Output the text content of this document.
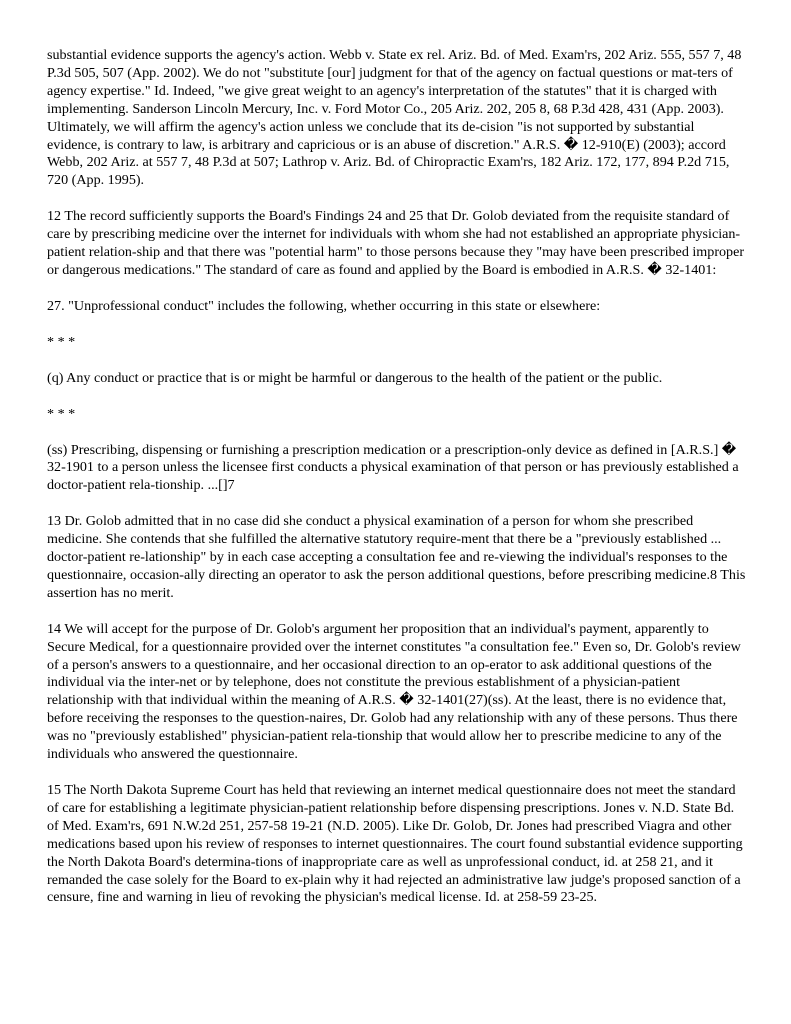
substantial evidence supports the agency's action. Webb v. State ex rel. Ariz. Bd. of Med. Exam'rs, 202 Ariz. 555, 557 7, 48 P.3d 505, 507 (App. 2002). We do not "substitute [our] judgment for that of the agency on factual questions or mat-ters of agency expertise." Id. Indeed, "we give great weight to an agency's interpretation of the statutes" that it is charged with implementing. Sanderson Lincoln Mercury, Inc. v. Ford Motor Co., 205 Ariz. 202, 205 8, 68 P.3d 428, 431 (App. 2003). Ultimately, we will affirm the agency's action unless we conclude that its de-cision "is not supported by substantial evidence, is contrary to law, is arbitrary and capricious or is an abuse of discretion." A.R.S. � 12-910(E) (2003); accord Webb, 202 Ariz. at 557 7, 48 P.3d at 507; Lathrop v. Ariz. Bd. of Chiropractic Exam'rs, 182 Ariz. 172, 177, 894 P.2d 715, 720 (App. 1995).

12 The record sufficiently supports the Board's Findings 24 and 25 that Dr. Golob deviated from the requisite standard of care by prescribing medicine over the internet for individuals with whom she had not established an appropriate physician-patient relation-ship and that there was "potential harm" to those persons because they "may have been prescribed improper or dangerous medications." The standard of care as found and applied by the Board is embodied in A.R.S. � 32-1401:

27. "Unprofessional conduct" includes the following, whether occurring in this state or elsewhere:

* * *

(q) Any conduct or practice that is or might be harmful or dangerous to the health of the patient or the public.

* * *

(ss) Prescribing, dispensing or furnishing a prescription medication or a prescription-only device as defined in [A.R.S.] � 32-1901 to a person unless the licensee first conducts a physical examination of that person or has previously established a doctor-patient rela-tionship. ...[]7

13 Dr. Golob admitted that in no case did she conduct a physical examination of a person for whom she prescribed medicine. She contends that she fulfilled the alternative statutory require-ment that there be a "previously established ... doctor-patient re-lationship" by in each case accepting a consultation fee and re-viewing the individual's responses to the questionnaire, occasion-ally directing an operator to ask the person additional questions, before prescribing medicine.8 This assertion has no merit.

14 We will accept for the purpose of Dr. Golob's argument her proposition that an individual's payment, apparently to Secure Medical, for a questionnaire provided over the internet constitutes "a consultation fee." Even so, Dr. Golob's review of a person's answers to a questionnaire, and her occasional direction to an op-erator to ask additional questions of the individual via the inter-net or by telephone, does not constitute the previous establishment of a physician-patient relationship with that individual within the meaning of A.R.S. � 32-1401(27)(ss). At the least, there is no evidence that, before receiving the responses to the question-naires, Dr. Golob had any relationship with any of these persons. Thus there was no "previously established" physician-patient rela-tionship that would allow her to prescribe medicine to any of the individuals who answered the questionnaire.

15 The North Dakota Supreme Court has held that reviewing an internet medical questionnaire does not meet the standard of care for establishing a legitimate physician-patient relationship before dispensing prescriptions. Jones v. N.D. State Bd. of Med. Exam'rs, 691 N.W.2d 251, 257-58 19-21 (N.D. 2005). Like Dr. Golob, Dr. Jones had prescribed Viagra and other medications based upon his review of responses to internet questionnaires. The court found substantial evidence supporting the North Dakota Board's determina-tions of inappropriate care as well as unprofessional conduct, id. at 258 21, and it remanded the case solely for the Board to ex-plain why it had rejected an administrative law judge's proposed sanction of a censure, fine and warning in lieu of revoking the physician's medical license. Id. at 258-59 23-25.
